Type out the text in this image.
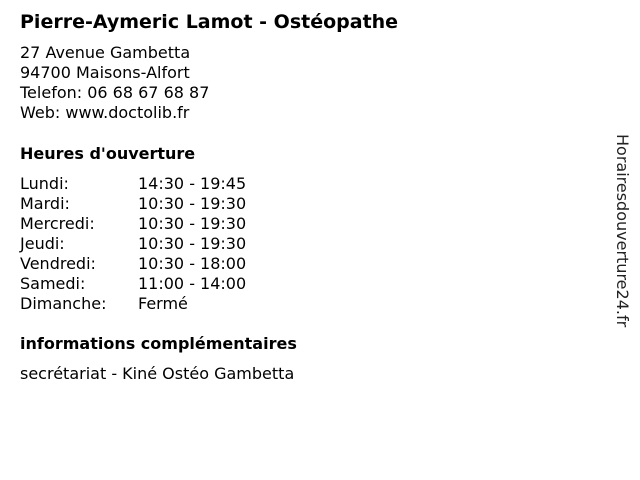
Pierre-Aymeric Lamot - Ostéopathe
27 Avenue Gambetta
94700 Maisons-Alfort
Telefon: 06 68 67 68 87
Web: www.doctolib.fr
Heures d'ouverture
Lundi:	14:30 - 19:45
Mardi:	10:30 - 19:30
Mercredi:	10:30 - 19:30
Jeudi:	10:30 - 19:30
Vendredi:	10:30 - 18:00
Samedi:	11:00 - 14:00
Dimanche: Fermé
informations complémentaires
secrétariat - Kiné Ostéo Gambetta
Horairesdouverture24.fr
